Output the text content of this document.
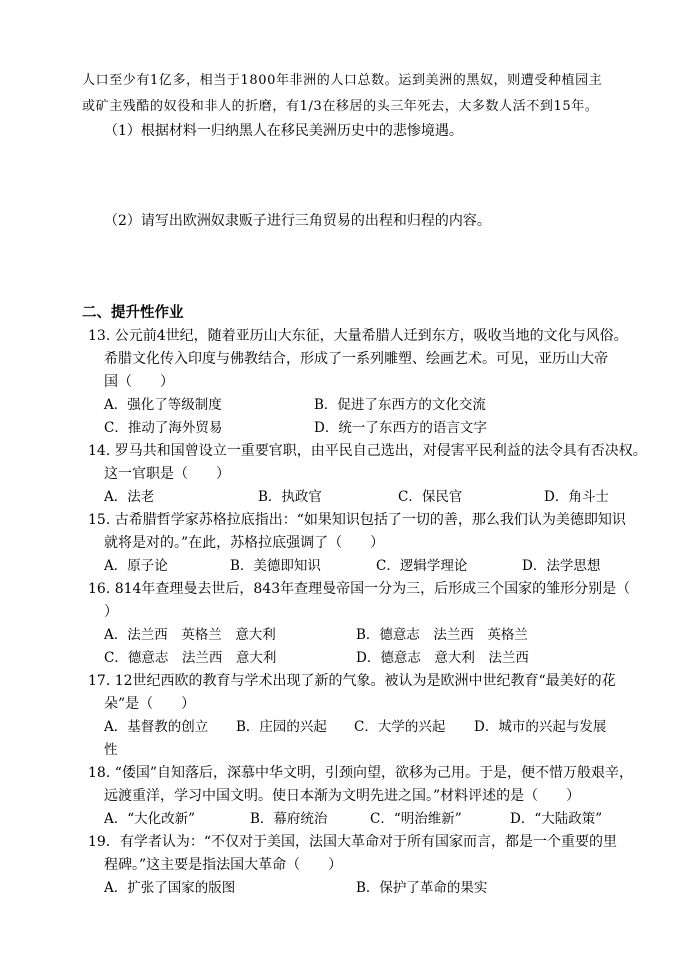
人口至少有1亿多，相当于1800年非洲的人口总数。运到美洲的黑奴，则遭受种植园主
或矿主残酷的奴役和非人的折磨，有1/3在移居的头三年死去，大多数人活不到15年。
（1）根据材料一归纳黑人在移民美洲历史中的悲惨境遇。
（2）请写出欧洲奴隶贩子进行三角贸易的出程和归程的内容。
二、提升性作业
13. 公元前4世纪，随着亚历山大东征，大量希腊人迁到东方，吸收当地的文化与风俗。
希腊文化传入印度与佛教结合，形成了一系列雕塑、绘画艺术。可见，亚历山大帝
国（　　）
A．强化了等级制度	B．促进了东西方的文化交流
C．推动了海外贸易	D．统一了东西方的语言文字
14. 罗马共和国曾设立一重要官职，由平民自己选出，对侵害平民利益的法令具有否决权。
这一官职是（　　）
A．法老	B．执政官	C．保民官	D．角斗士
15. 古希腊哲学家苏格拉底指出：“如果知识包括了一切的善，那么我们认为美德即知识
就将是对的。”在此，苏格拉底强调了（　　）
A．原子论	B．美德即知识	C．逻辑学理论	D．法学思想
16. 814年查理曼去世后，843年查理曼帝国一分为三，后形成三个国家的雏形分别是（
）
A．法兰西　英格兰　意大利	B．德意志　法兰西　英格兰
C．德意志　法兰西　意大利	D．德意志　意大利　法兰西
17. 12世纪西欧的教育与学术出现了新的气象。被认为是欧洲中世纪教育“最美好的花
朵”是（　　）
A．基督教的创立 B．庄园的兴起 C．大学的兴起 D．城市的兴起与发展
性
18. “倭国”自知落后，深慕中华文明，引颈向望，欲移为己用。于是，便不惜万般艰辛，
远渡重洋，学习中国文明。使日本渐为文明先进之国。”材料评述的是（　　）
A．“大化改新”	B．幕府统治	C．“明治维新”	D．“大陆政策”
19．有学者认为：“不仅对于美国，法国大革命对于所有国家而言，都是一个重要的里
程碑。”这主要是指法国大革命（　　）
A．扩张了国家的版图	B．保护了革命的果实
